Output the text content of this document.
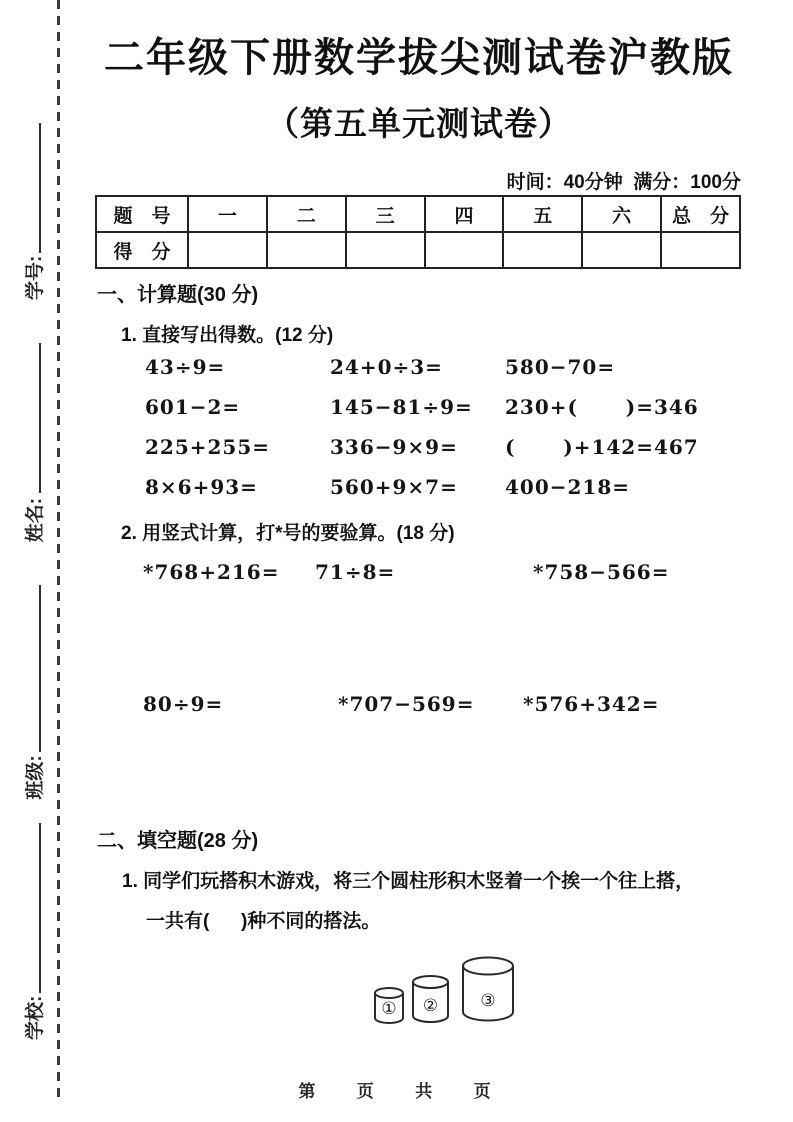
学校:
班级:
姓名:
学号:
二年级下册数学拔尖测试卷沪教版
（第五单元测试卷）
时间：40分钟  满分：100分
题　号	一	二	三	四	五	六	总　分
得　分							
一、计算题(30 分)
1. 直接写出得数。(12 分)
43÷9=	24+0÷3=	580−70=
601−2=	145−81÷9=	230+(      )=346
225+255=	336−9×9=	(      )+142=467
8×6+93=	560+9×7=	400−218=
2. 用竖式计算，打*号的要验算。(18 分)
*768+216= 71÷8=	*758−566=
80÷9=	*707−569= *576+342=
二、填空题(28 分)
1. 同学们玩搭积木游戏，将三个圆柱形积木竖着一个挨一个往上搭，
一共有(      )种不同的搭法。
① ② ③
第  页  共  页
